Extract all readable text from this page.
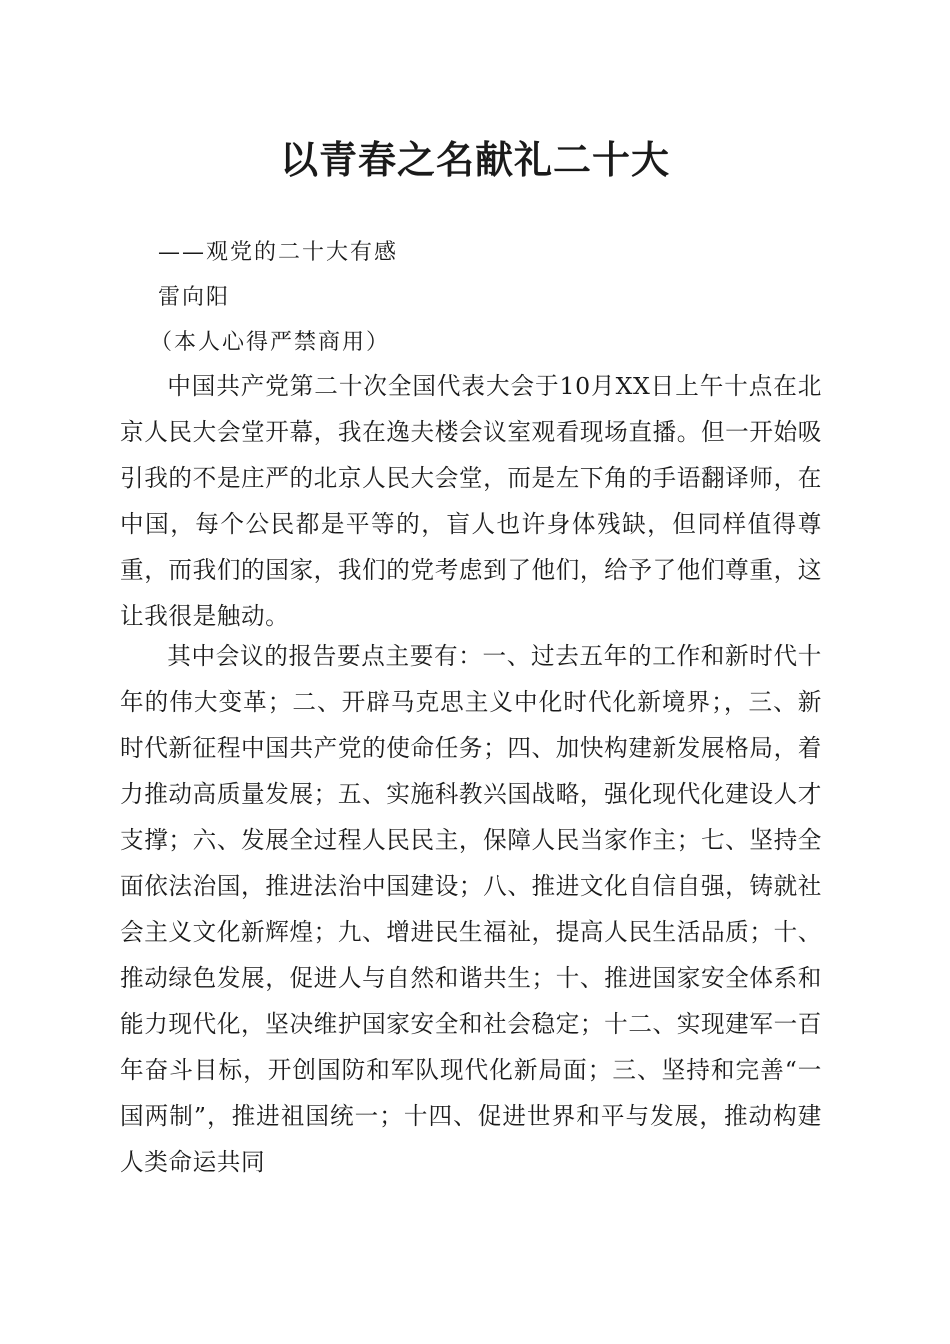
以青春之名献礼二十大
——观党的二十大有感
雷向阳
（本人心得严禁商用）

中国共产党第二十次全国代表大会于10月XX日上午十点在北京人民大会堂开幕，我在逸夫楼会议室观看现场直播。但一开始吸引我的不是庄严的北京人民大会堂，而是左下角的手语翻译师，在中国，每个公民都是平等的，盲人也许身体残缺，但同样值得尊重，而我们的国家，我们的党考虑到了他们，给予了他们尊重，这让我很是触动。

其中会议的报告要点主要有：一、过去五年的工作和新时代十年的伟大变革；二、开辟马克思主义中化时代化新境界；，三、新时代新征程中国共产党的使命任务；四、加快构建新发展格局，着力推动高质量发展；五、实施科教兴国战略，强化现代化建设人才支撑；六、发展全过程人民民主，保障人民当家作主；七、坚持全面依法治国，推进法治中国建设；八、推进文化自信自强，铸就社会主义文化新辉煌；九、增进民生福祉，提高人民生活品质；十、推动绿色发展，促进人与自然和谐共生；十、推进国家安全体系和能力现代化，坚决维护国家安全和社会稳定；十二、实现建军一百年奋斗目标，开创国防和军队现代化新局面；三、坚持和完善“一国两制”，推进祖国统一；十四、促进世界和平与发展，推动构建人类命运共同
